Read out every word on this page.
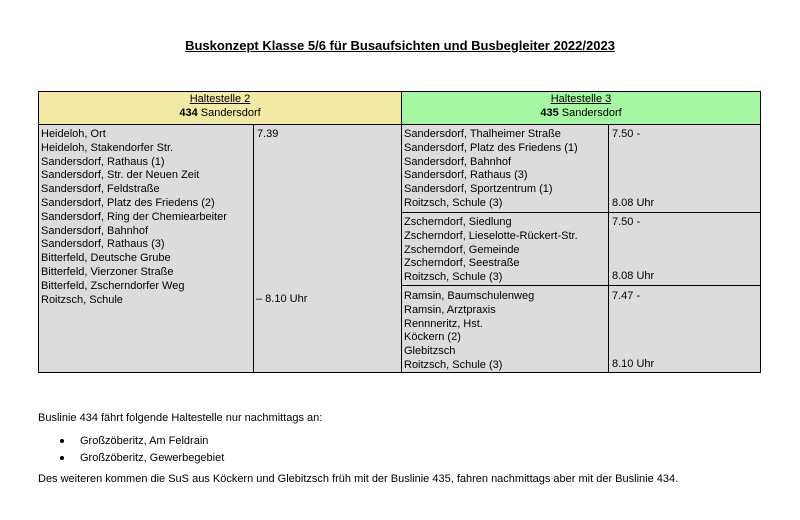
Buskonzept Klasse 5/6 für Busaufsichten und Busbegleiter 2022/2023
Haltestelle 2
434 Sandersdorf
Haltestelle 3
435 Sandersdorf
Heideloh, Ort
Heideloh, Stakendorfer Str.
Sandersdorf, Rathaus (1)
Sandersdorf, Str. der Neuen Zeit
Sandersdorf, Feldstraße
Sandersdorf, Platz des Friedens (2)
Sandersdorf, Ring der Chemiearbeiter
Sandersdorf, Bahnhof
Sandersdorf, Rathaus (3)
Bitterfeld, Deutsche Grube
Bitterfeld, Vierzoner Straße
Bitterfeld, Zscherndorfer Weg
Roitzsch, Schule
7.39
– 8.10 Uhr
Sandersdorf, Thalheimer Straße
Sandersdorf, Platz des Friedens (1)
Sandersdorf, Bahnhof
Sandersdorf, Rathaus (3)
Sandersdorf, Sportzentrum (1)
Roitzsch, Schule (3)
7.50 -
8.08 Uhr
Zscherndorf, Siedlung
Zscherndorf, Lieselotte-Rückert-Str.
Zscherndorf, Gemeinde
Zscherndorf, Seestraße
Roitzsch, Schule (3)
7.50 -
8.08 Uhr
Ramsin, Baumschulenweg
Ramsin, Arztpraxis
Rennneritz, Hst.
Köckern (2)
Glebitzsch
Roitzsch, Schule (3)
7.47 -
8.10 Uhr
Buslinie 434 fährt folgende Haltestelle nur nachmittags an:
Großzöberitz, Am Feldrain
Großzöberitz, Gewerbegebiet
Des weiteren kommen die SuS aus Köckern und Glebitzsch früh mit der Buslinie 435, fahren nachmittags aber mit der Buslinie 434.
